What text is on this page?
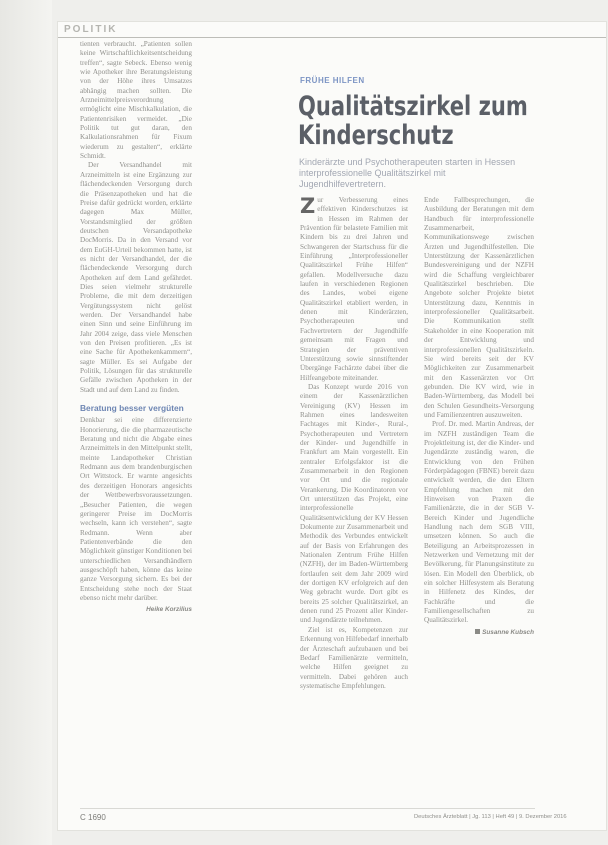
POLITIK

tienten verbraucht. „Patienten sollen keine Wirtschaftlichkeitsentscheidung treffen“, sagte Sebeck. Ebenso wenig wie Apotheker ihre Beratungsleistung von der Höhe ihres Umsatzes abhängig machen sollten. Die Arzneimittelpreisverordnung ermöglicht eine Mischkalkulation, die Patientenrisiken vermeidet. „Die Politik tut gut daran, den Kalkulationsrahmen für Fixum wiederum zu gestalten“, erklärte Schmidt.

Der Versandhandel mit Arzneimitteln ist eine Ergänzung zur flächendeckenden Versorgung durch die Präsenzapotheken und hat die Preise dafür gedrückt worden, erklärte dagegen Max Müller, Vorstandsmitglied der größten deutschen Versandapotheke DocMorris. Da in den Versand vor dem EuGH-Urteil bekommen hatte, ist es nicht der Versandhandel, der die flächendeckende Versorgung durch Apotheken auf dem Land gefährdet. Dies seien vielmehr strukturelle Probleme, die mit dem derzeitigen Vergütungssystem nicht gelöst werden. Der Versandhandel habe einen Sinn und seine Einführung im Jahr 2004 zeige, dass viele Menschen von den Preisen profitieren. „Es ist eine Sache für Apothekenkammern“, sagte Müller. Es sei Aufgabe der Politik, Lösungen für das strukturelle Gefälle zwischen Apotheken in der Stadt und auf dem Land zu finden.

Beratung besser vergüten

Denkbar sei eine differenzierte Honorierung, die die pharmazeutische Beratung und nicht die Abgabe eines Arzneimittels in den Mittelpunkt stellt, meinte Landapotheker Christian Redmann aus dem brandenburgischen Ort Wittstock. Er warnte angesichts des derzeitigen Honorars angesichts der Wettbewerbsvoraussetzungen. „Besucher Patienten, die wegen geringerer Preise im DocMorris wechseln, kann ich verstehen“, sagte Redmann. Wenn aber Patientenverbände die den Möglichkeit günstiger Konditionen bei unterschiedlichen Versandhändlern ausgeschöpft haben, könne das keine ganze Versorgung sichern. Es bei der Entscheidung stehe noch der Staat ebenso nicht mehr darüber.

Heike Korzilius
FRÜHE HILFEN
Qualitätszirkel zum
Kinderschutz
Kinderärzte und Psychotherapeuten starten in Hessen interprofessionelle Qualitätszirkel mit Jugendhilfevertretern.

Zur Verbesserung eines effektiven Kinderschutzes ist in Hessen im Rahmen der Prävention für belastete Familien mit Kindern bis zu drei Jahren und Schwangeren der Startschuss für die Einführung „Interprofessioneller Qualitätszirkel Frühe Hilfen“ gefallen. Modellversuche dazu laufen in verschiedenen Regionen des Landes, wobei eigene Qualitätszirkel etabliert werden, in denen mit Kinderärzten, Psychotherapeuten und Fachvertretern der Jugendhilfe gemeinsam mit Fragen und Strategien der präventiven Unterstützung sowie sinnstiftender Übergänge Fachärzte dabei über die Hilfeangebote miteinander.

Das Konzept wurde 2016 von einem der Kassenärztlichen Vereinigung (KV) Hessen im Rahmen eines landesweiten Fachtages mit Kinder-, Rural-, Psychotherapeuten und Vertretern der Kinder- und Jugendhilfe in Frankfurt am Main vorgestellt. Ein zentraler Erfolgsfaktor ist die Zusammenarbeit in den Regionen vor Ort und die regionale Verankerung. Die Koordinatoren vor Ort unterstützen das Projekt, eine interprofessionelle Qualitätsentwicklung der KV Hessen Dokumente zur Zusammenarbeit und Methodik des Verbundes entwickelt auf der Basis von Erfahrungen des Nationalen Zentrum Frühe Hilfen (NZFH), der im Baden-Württemberg fortlaufen seit dem Jahr 2009 wird der dortigen KV erfolgreich auf den Weg gebracht wurde. Dort gibt es bereits 25 solcher Qualitätszirkel, an denen rund 25 Prozent aller Kinder- und Jugendärzte teilnehmen.

Ziel ist es, Kompetenzen zur Erkennung von Hilfebedarf innerhalb der Ärzteschaft aufzubauen und bei Bedarf Familienärzte vermitteln, welche Hilfen geeignet zu vermitteln. Dabei gehören auch systematische Empfehlungen.

Ende Fallbesprechungen, die Ausbildung der Beratungen mit dem Handbuch für interprofessionelle Zusammenarbeit, Kommunikationswege zwischen Ärzten und Jugendhilfestellen. Die Unterstützung der Kassenärztlichen Bundesvereinigung und der NZFH wird die Schaffung vergleichbarer Qualitätszirkel beschrieben. Die Angebote solcher Projekte bietet Unterstützung dazu, Kenntnis in interprofessioneller Qualitätsarbeit. Die Kommunikation stellt Stakeholder in eine Kooperation mit der Entwicklung und interprofessionellen Qualitätszirkeln. Sie wird bereits seit der KV Möglichkeiten zur Zusammenarbeit mit den Kassenärzten vor Ort gebunden. Die KV wird, wie in Baden-Württemberg, das Modell bei den Schulen Gesundheits-Versorgung und Familienzentren auszuweiten.

Prof. Dr. med. Martin Andreas, der im NZFH zuständigen Team die Projektleitung ist, der die Kinder- und Jugendärzte zuständig waren, die Entwicklung von den Frühen Förderpädagogen (FBNE) bereit dazu entwickelt werden, die den Eltern Empfehlung machen mit den Hinweisen von Praxen die Familienärzte, die in der SGB V-Bereich Kinder und Jugendliche Handlung nach dem SGB VIII, umsetzen können. So auch die Beteiligung an Arbeitsprozessen in Netzwerken und Vernetzung mit der Bevölkerung, für Planungsinstitute zu lösen. Ein Modell den Überblick, ob ein solcher Hilfesystem als Beratung in Hilfenetz des Kindes, der Fachkräfte und die Familiengesellschaften zu Qualitätszirkel.

Susanne Kubsch
C 1690	Deutsches Ärzteblatt | Jg. 113 | Heft 49 | 9. Dezember 2016
